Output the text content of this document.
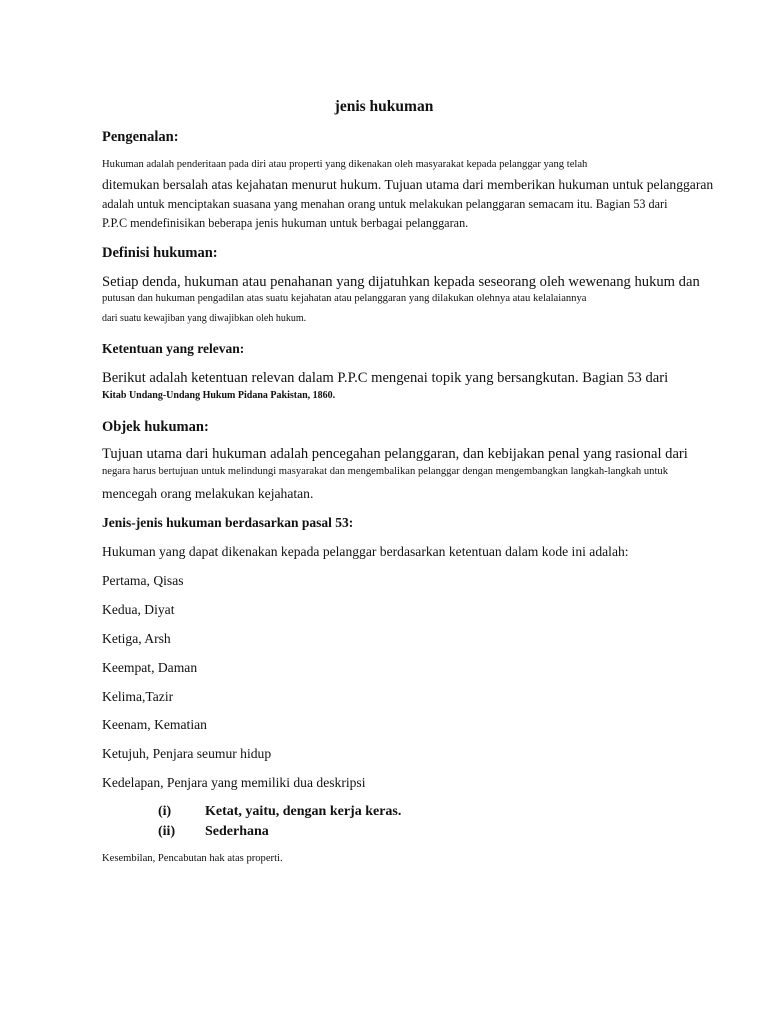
jenis hukuman
Pengenalan:
Hukuman adalah penderitaan pada diri atau properti yang dikenakan oleh masyarakat kepada pelanggar yang telah
ditemukan bersalah atas kejahatan menurut hukum. Tujuan utama dari memberikan hukuman untuk pelanggaran
adalah untuk menciptakan suasana yang menahan orang untuk melakukan pelanggaran semacam itu. Bagian 53 dari
P.P.C mendefinisikan beberapa jenis hukuman untuk berbagai pelanggaran.
Definisi hukuman:
Setiap denda, hukuman atau penahanan yang dijatuhkan kepada seseorang oleh wewenang hukum dan
putusan dan hukuman pengadilan atas suatu kejahatan atau pelanggaran yang dilakukan olehnya atau kelalaiannya
dari suatu kewajiban yang diwajibkan oleh hukum.
Ketentuan yang relevan:
Berikut adalah ketentuan relevan dalam P.P.C mengenai topik yang bersangkutan. Bagian 53 dari
Kitab Undang-Undang Hukum Pidana Pakistan, 1860.
Objek hukuman:
Tujuan utama dari hukuman adalah pencegahan pelanggaran, dan kebijakan penal yang rasional dari
negara harus bertujuan untuk melindungi masyarakat dan mengembalikan pelanggar dengan mengembangkan langkah-langkah untuk
mencegah orang melakukan kejahatan.
Jenis-jenis hukuman berdasarkan pasal 53:
Hukuman yang dapat dikenakan kepada pelanggar berdasarkan ketentuan dalam kode ini adalah:
Pertama, Qisas
Kedua, Diyat
Ketiga, Arsh
Keempat, Daman
Kelima,Tazir
Keenam, Kematian
Ketujuh, Penjara seumur hidup
Kedelapan, Penjara yang memiliki dua deskripsi
(i) Ketat, yaitu, dengan kerja keras.
(ii) Sederhana
Kesembilan, Pencabutan hak atas properti.
